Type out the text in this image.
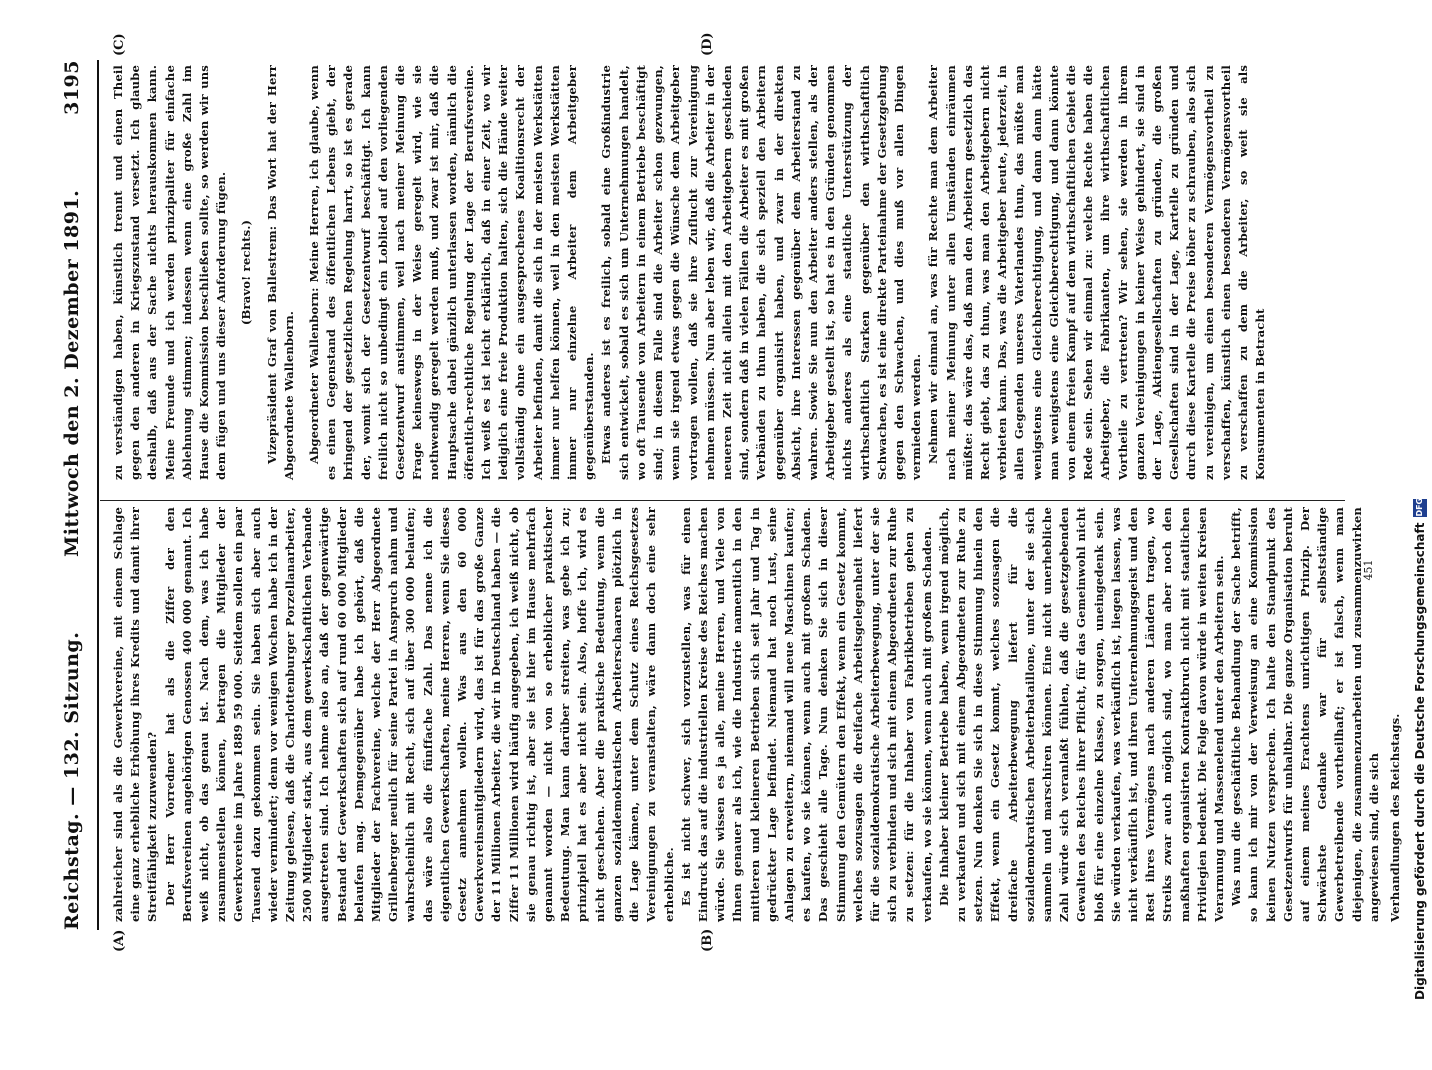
Reichstag. — 132. Sitzung.
Mittwoch den 2. Dezember 1891.
3195
(A)	(B)
(C)	(D)

zahlreicher sind als die Gewerkvereine, mit einem Schlage eine ganz erhebliche Erhöhung ihres Kredits und damit ihrer Streitfähigkeit zuzuwenden? Der Herr Vorredner hat als die Ziffer der den Berufsvereinen angehörigen Genossen 400 000 genannt. Ich weiß nicht, ob das genau ist. Nach dem, was ich habe zusammenstellen können, betragen die Mitglieder der Gewerkvereine im Jahre 1889 59 000. Seitdem sollen ein paar Tausend dazu gekommen sein. Sie haben sich aber auch wieder vermindert; denn vor wenigen Wochen habe ich in der Zeitung gelesen, daß die Charlottenburger Porzellanarbeiter, 2500 Mitglieder stark, aus dem gewerkschaftlichen Verbande ausgetreten sind. Ich nehme also an, daß der gegenwärtige Bestand der Gewerkschaften sich auf rund 60 000 Mitglieder belaufen mag. Demgegenüber habe ich gehört, daß die Mitglieder der Fachvereine, welche der Herr Abgeordnete Grillenberger neulich für seine Partei in Anspruch nahm und wahrscheinlich mit Recht, sich auf über 300 000 belaufen; das wäre also die fünffache Zahl. Das nenne ich die eigentlichen Gewerkschaften, meine Herren, wenn Sie dieses Gesetz annehmen wollen. Was aus den 60 000 Gewerkvereinsmitgliedern wird, das ist für das große Ganze der 11 Millionen Arbeiter, die wir in Deutschland haben — die Ziffer 11 Millionen wird häufig angegeben, ich weiß nicht, ob sie genau richtig ist, aber sie ist hier im Hause mehrfach genannt worden — nicht von so erheblicher praktischer Bedeutung. Man kann darüber streiten, was gebe ich zu; prinzipiell hat es aber nicht sein. Also, hoffe ich, wird es nicht geschehen. Aber die praktische Bedeutung, wenn die ganzen sozialdemokratischen Arbeiterschaaren plötzlich in die Lage kämen, unter dem Schutz eines Reichsgesetzes Vereinigungen zu veranstalten, wäre dann doch eine sehr erhebliche. Es ist nicht schwer, sich vorzustellen, was für einen Eindruck das auf die industriellen Kreise des Reiches machen würde. Sie wissen es ja alle, meine Herren, und Viele von Ihnen genauer als ich, wie die Industrie namentlich in den mittleren und kleineren Betrieben sich seit Jahr und Tag in gedrückter Lage befindet. Niemand hat noch Lust, seine Anlagen zu erweitern, niemand will neue Maschinen kaufen; es kaufen, wo sie können, wenn auch mit großem Schaden. Das geschieht alle Tage. Nun denken Sie sich in dieser Stimmung den Gemütern den Effekt, wenn ein Gesetz kommt, welches sozusagen die dreifache Arbeitsgelegenheit liefert für die sozialdemokratische Arbeiterbewegung, unter der sie sich zu verbinden und sich mit einem Abgeordneten zur Ruhe zu setzen: für die Inhaber von Fabrikbetrieben gehen zu verkaufen, wo sie können, wenn auch mit großem Schaden. Die Inhaber kleiner Betriebe haben, wenn irgend möglich, zu verkaufen und sich mit einem Abgeordneten zur Ruhe zu setzen. Nun denken Sie sich in diese Stimmung hinein den Effekt, wenn ein Gesetz kommt, welches sozusagen die dreifache Arbeiterbewegung liefert für die sozialdemokratischen Arbeiterbataillone, unter der sie sich sammeln und marschiren können. Eine nicht unerhebliche Zahl würde sich veranlaßt fühlen, daß die gesetzgebenden Gewalten des Reiches ihrer Pflicht, für das Gemeinwohl nicht bloß für eine einzelne Klasse, zu sorgen, uneingedenk sein. Sie würden verkaufen, was verkäuflich ist, liegen lassen, was nicht verkäuflich ist, und ihren Unternehmungsgeist und den Rest ihres Vermögens nach anderen Ländern tragen, wo Streiks zwar auch möglich sind, wo man aber noch den maßhaften organisirten Kontraktbruch nicht mit staatlichen Privilegien bedenkt. Die Folge davon würde in weiten Kreisen Verarmung und Massenelend unter den Arbeitern sein. Was nun die geschäftliche Behandlung der Sache betrifft, so kann ich mir von der Verweisung an eine Kommission keinen Nutzen versprechen. Ich halte den Standpunkt des Gesetzentwurfs für unhaltbar. Die ganze Organisation beruht auf einem meines Erachtens unrichtigen Prinzip. Der Schwächste Gedanke war für selbstständige Gewerbetreibende vortheilhaft; er ist falsch, wenn man diejenigen, die zusammenzuarbeiten und zusammenzuwirken angewiesen sind, die sich Verhandlungen des Reichstags.

zu verständigen haben, künstlich trennt und einen Theil gegen den anderen in Kriegszustand versetzt. Ich glaube deshalb, daß aus der Sache nichts herauskommen kann. Meine Freunde und ich werden prinzipaliter für einfache Ablehnung stimmen; indessen wenn eine große Zahl im Hause die Kommission beschließen sollte, so werden wir uns dem fügen und uns dieser Anforderung fügen. (Bravo! rechts.) Vizepräsident Graf von Ballestrem: Das Wort hat der Herr Abgeordnete Wallenborn. Abgeordneter Wallenborn: Meine Herren, ich glaube, wenn es einen Gegenstand des öffentlichen Lebens giebt, der bringend der gesetzlichen Regelung harrt, so ist es gerade der, womit sich der Gesetzentwurf beschäftigt. Ich kann freilich nicht so unbedingt ein Loblied auf den vorliegenden Gesetzentwurf anstimmen, weil nach meiner Meinung die Frage keineswegs in der Weise geregelt wird, wie sie nothwendig geregelt werden muß, und zwar ist mir, daß die Hauptsache dabei gänzlich unterlassen worden, nämlich die öffentlich-rechtliche Regelung der Lage der Berufsvereine. Ich weiß es ist leicht erklärlich, daß in einer Zeit, wo wir lediglich eine freie Produktion halten, sich die Hände weiter vollständig ohne ein ausgesprochenes Koalitionsrecht der Arbeiter befinden, damit die sich in der meisten Werkstätten immer nur helfen können, weil in den meisten Werkstätten immer nur einzelne Arbeiter dem Arbeitgeber gegenüberstanden. Etwas anderes ist es freilich, sobald eine Großindustrie sich entwickelt, sobald es sich um Unternehmungen handelt, wo oft Tausende von Arbeitern in einem Betriebe beschäftigt sind; in diesem Falle sind die Arbeiter schon gezwungen, wenn sie irgend etwas gegen die Wünsche dem Arbeitgeber vortragen wollen, daß sie ihre Zuflucht zur Vereinigung nehmen müssen. Nun aber leben wir, daß die Arbeiter in der neueren Zeit nicht allein mit den Arbeitgebern geschieden sind, sondern daß in vielen Fällen die Arbeiter es mit großen Verbänden zu thun haben, die sich speziell den Arbeitern gegenüber organisirt haben, und zwar in der direkten Absicht, ihre Interessen gegenüber dem Arbeiterstand zu wahren. Sowie Sie nun den Arbeiter anders stellen, als der Arbeitgeber gestellt ist, so hat es in den Gründen genommen nichts anderes als eine staatliche Unterstützung der wirthschaftlich Starken gegenüber den wirthschaftlich Schwachen, es ist eine direkte Parteinahme der Gesetzgebung gegen den Schwachen, und dies muß vor allen Dingen vermieden werden. Nehmen wir einmal an, was für Rechte man dem Arbeiter nach meiner Meinung unter allen Umständen einräumen müßte: das wäre das, daß man den Arbeitern gesetzlich das Recht giebt, das zu thun, was man den Arbeitgebern nicht verbieten kann. Das, was die Arbeitgeber heute, jederzeit, in allen Gegenden unseres Vaterlandes thun, das müßte man wenigstens eine Gleichberechtigung, und dann dann hätte man wenigstens eine Gleichberechtigung, und dann könnte von einem freien Kampf auf dem wirthschaftlichen Gebiet die Rede sein. Sehen wir einmal zu: welche Rechte haben die Arbeitgeber, die Fabrikanten, um ihre wirthschaftlichen Vortheile zu vertreten? Wir sehen, sie werden in ihrem ganzen Vereinigungen in keiner Weise gehindert, sie sind in der Lage, Aktiengesellschaften zu gründen, die großen Gesellschaften sind in der Lage, Kartelle zu gründen und durch diese Kartelle die Preise höher zu schrauben, also sich zu vereinigen, um einen besonderen Vermögensvortheil zu verschaffen, künstlich einen besonderen Vermögensvortheil zu verschaffen zu dem die Arbeiter, so weit sie als Konsumenten in Betracht

451	Digitalisierung gefördert durch die Deutsche Forschungsgemeinschaft
DFG
